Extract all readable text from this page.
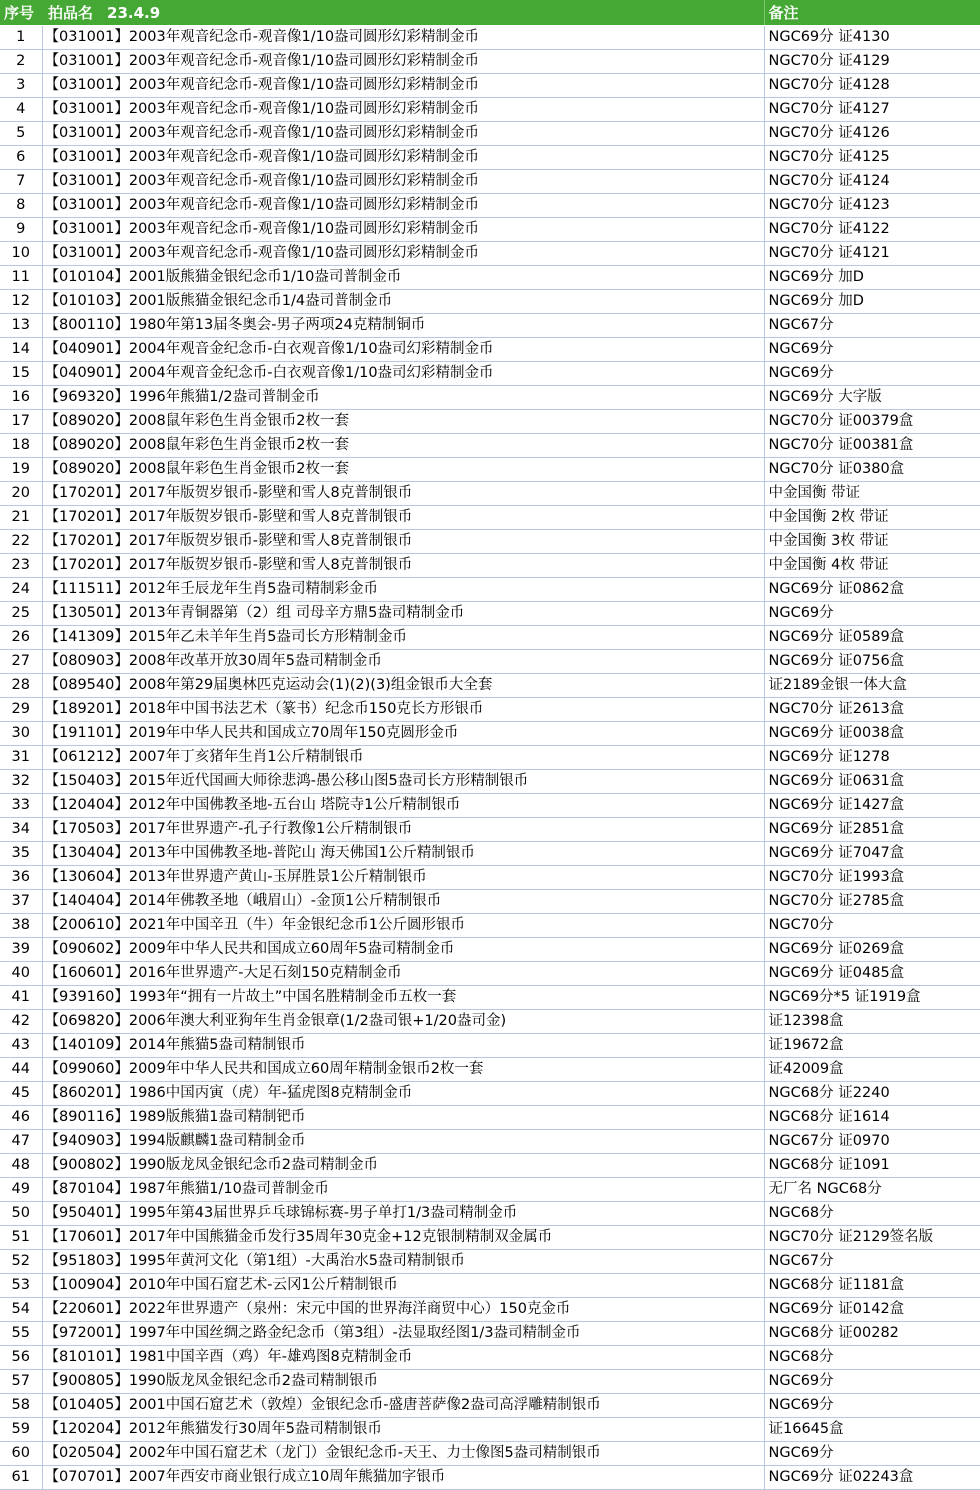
序号 拍品名 23.4.9		备注
1	【031001】2003年观音纪念币-观音像1/10盎司圆形幻彩精制金币	NGC69分 证4130
2	【031001】2003年观音纪念币-观音像1/10盎司圆形幻彩精制金币	NGC70分 证4129
3	【031001】2003年观音纪念币-观音像1/10盎司圆形幻彩精制金币	NGC70分 证4128
4	【031001】2003年观音纪念币-观音像1/10盎司圆形幻彩精制金币	NGC70分 证4127
5	【031001】2003年观音纪念币-观音像1/10盎司圆形幻彩精制金币	NGC70分 证4126
6	【031001】2003年观音纪念币-观音像1/10盎司圆形幻彩精制金币	NGC70分 证4125
7	【031001】2003年观音纪念币-观音像1/10盎司圆形幻彩精制金币	NGC70分 证4124
8	【031001】2003年观音纪念币-观音像1/10盎司圆形幻彩精制金币	NGC70分 证4123
9	【031001】2003年观音纪念币-观音像1/10盎司圆形幻彩精制金币	NGC70分 证4122
10	【031001】2003年观音纪念币-观音像1/10盎司圆形幻彩精制金币	NGC70分 证4121
11	【010104】2001版熊猫金银纪念币1/10盎司普制金币	NGC69分 加D
12	【010103】2001版熊猫金银纪念币1/4盎司普制金币	NGC69分 加D
13	【800110】1980年第13届冬奥会-男子两项24克精制铜币	NGC67分
14	【040901】2004年观音金纪念币-白衣观音像1/10盎司幻彩精制金币	NGC69分
15	【040901】2004年观音金纪念币-白衣观音像1/10盎司幻彩精制金币	NGC69分
16	【969320】1996年熊猫1/2盎司普制金币	NGC69分 大字版
17	【089020】2008鼠年彩色生肖金银币2枚一套	NGC70分 证00379盒
18	【089020】2008鼠年彩色生肖金银币2枚一套	NGC70分 证00381盒
19	【089020】2008鼠年彩色生肖金银币2枚一套	NGC70分 证0380盒
20	【170201】2017年版贺岁银币-影壁和雪人8克普制银币	中金国衡 带证
21	【170201】2017年版贺岁银币-影壁和雪人8克普制银币	中金国衡 2枚 带证
22	【170201】2017年版贺岁银币-影壁和雪人8克普制银币	中金国衡 3枚 带证
23	【170201】2017年版贺岁银币-影壁和雪人8克普制银币	中金国衡 4枚 带证
24	【111511】2012年壬辰龙年生肖5盎司精制彩金币	NGC69分 证0862盒
25	【130501】2013年青铜器第（2）组 司母辛方鼎5盎司精制金币	NGC69分
26	【141309】2015年乙未羊年生肖5盎司长方形精制金币	NGC69分 证0589盒
27	【080903】2008年改革开放30周年5盎司精制金币	NGC69分 证0756盒
28	【089540】2008年第29届奥林匹克运动会(1)(2)(3)组金银币大全套	证2189金银一体大盒
29	【189201】2018年中国书法艺术（篆书）纪念币150克长方形银币	NGC70分 证2613盒
30	【191101】2019年中华人民共和国成立70周年150克圆形金币	NGC69分 证0038盒
31	【061212】2007年丁亥猪年生肖1公斤精制银币	NGC69分 证1278
32	【150403】2015年近代国画大师徐悲鸿-愚公移山图5盎司长方形精制银币	NGC69分 证0631盒
33	【120404】2012年中国佛教圣地-五台山 塔院寺1公斤精制银币	NGC69分 证1427盒
34	【170503】2017年世界遗产-孔子行教像1公斤精制银币	NGC69分 证2851盒
35	【130404】2013年中国佛教圣地-普陀山 海天佛国1公斤精制银币	NGC69分 证7047盒
36	【130604】2013年世界遗产黄山-玉屏胜景1公斤精制银币	NGC70分 证1993盒
37	【140404】2014年佛教圣地（峨眉山）-金顶1公斤精制银币	NGC70分 证2785盒
38	【200610】2021年中国辛丑（牛）年金银纪念币1公斤圆形银币	NGC70分
39	【090602】2009年中华人民共和国成立60周年5盎司精制金币	NGC69分 证0269盒
40	【160601】2016年世界遗产-大足石刻150克精制金币	NGC69分 证0485盒
41	【939160】1993年“拥有一片故土”中国名胜精制金币五枚一套	NGC69分*5 证1919盒
42	【069820】2006年澳大利亚狗年生肖金银章(1/2盎司银+1/20盎司金)	证12398盒
43	【140109】2014年熊猫5盎司精制银币	证19672盒
44	【099060】2009年中华人民共和国成立60周年精制金银币2枚一套	证42009盒
45	【860201】1986中国丙寅（虎）年-猛虎图8克精制金币	NGC68分 证2240
46	【890116】1989版熊猫1盎司精制钯币	NGC68分 证1614
47	【940903】1994版麒麟1盎司精制金币	NGC67分 证0970
48	【900802】1990版龙凤金银纪念币2盎司精制金币	NGC68分 证1091
49	【870104】1987年熊猫1/10盎司普制金币	无厂名 NGC68分
50	【950401】1995年第43届世界乒乓球锦标赛-男子单打1/3盎司精制金币	NGC68分
51	【170601】2017年中国熊猫金币发行35周年30克金+12克银制精制双金属币	NGC70分 证2129签名版
52	【951803】1995年黄河文化（第1组）-大禹治水5盎司精制银币	NGC67分
53	【100904】2010年中国石窟艺术-云冈1公斤精制银币	NGC68分 证1181盒
54	【220601】2022年世界遗产（泉州：宋元中国的世界海洋商贸中心）150克金币	NGC69分 证0142盒
55	【972001】1997年中国丝绸之路金纪念币（第3组）-法显取经图1/3盎司精制金币	NGC68分 证00282
56	【810101】1981中国辛酉（鸡）年-雄鸡图8克精制金币	NGC68分
57	【900805】1990版龙凤金银纪念币2盎司精制银币	NGC69分
58	【010405】2001中国石窟艺术（敦煌）金银纪念币-盛唐菩萨像2盎司高浮雕精制银币	NGC69分
59	【120204】2012年熊猫发行30周年5盎司精制银币	证16645盒
60	【020504】2002年中国石窟艺术（龙门）金银纪念币-天王、力士像图5盎司精制银币	NGC69分
61	【070701】2007年西安市商业银行成立10周年熊猫加字银币	NGC69分 证02243盒
